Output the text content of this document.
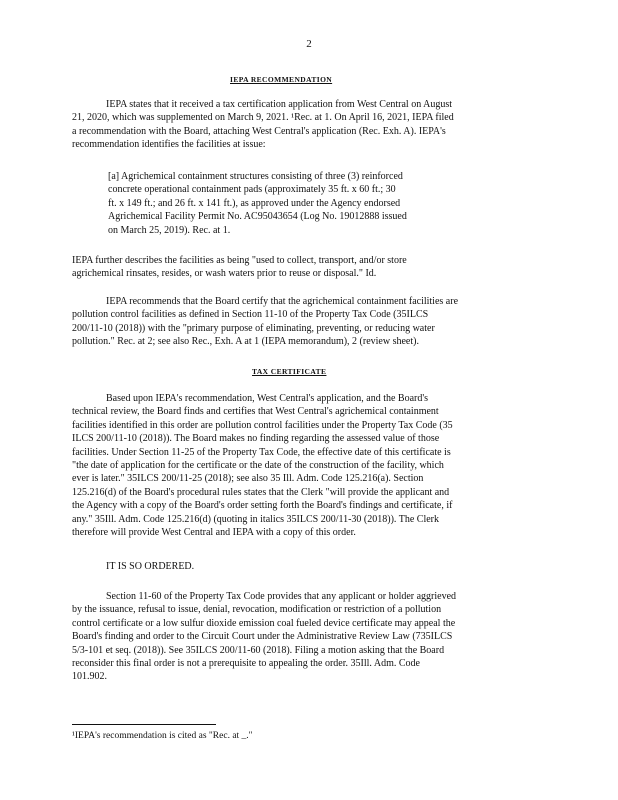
2
IEPA RECOMMENDATION
IEPA states that it received a tax certification application from West Central on August
21, 2020, which was supplemented on March 9, 2021. ¹Rec. at 1. On April 16, 2021, IEPA filed
a recommendation with the Board, attaching West Central's application (Rec. Exh. A). IEPA's
recommendation identifies the facilities at issue:
[a] Agrichemical containment structures consisting of three (3) reinforced
concrete operational containment pads (approximately 35 ft. x 60 ft.; 30
ft. x 149 ft.; and 26 ft. x 141 ft.), as approved under the Agency endorsed
Agrichemical Facility Permit No. AC95043654 (Log No. 19012888 issued
on March 25, 2019). Rec. at 1.
IEPA further describes the facilities as being "used to collect, transport, and/or store
agrichemical rinsates, resides, or wash waters prior to reuse or disposal." Id.
IEPA recommends that the Board certify that the agrichemical containment facilities are
pollution control facilities as defined in Section 11-10 of the Property Tax Code (35ILCS
200/11-10 (2018)) with the "primary purpose of eliminating, preventing, or reducing water
pollution." Rec. at 2; see also Rec., Exh. A at 1 (IEPA memorandum), 2 (review sheet).
TAX CERTIFICATE
Based upon IEPA's recommendation, West Central's application, and the Board's
technical review, the Board finds and certifies that West Central's agrichemical containment
facilities identified in this order are pollution control facilities under the Property Tax Code (35
ILCS 200/11-10 (2018)). The Board makes no finding regarding the assessed value of those
facilities. Under Section 11-25 of the Property Tax Code, the effective date of this certificate is
"the date of application for the certificate or the date of the construction of the facility, which
ever is later." 35ILCS 200/11-25 (2018); see also 35 Ill. Adm. Code 125.216(a). Section
125.216(d) of the Board's procedural rules states that the Clerk "will provide the applicant and
the Agency with a copy of the Board's order setting forth the Board's findings and certificate, if
any." 35Ill. Adm. Code 125.216(d) (quoting in italics 35ILCS 200/11-30 (2018)). The Clerk
therefore will provide West Central and IEPA with a copy of this order.
IT IS SO ORDERED.
Section 11-60 of the Property Tax Code provides that any applicant or holder aggrieved
by the issuance, refusal to issue, denial, revocation, modification or restriction of a pollution
control certificate or a low sulfur dioxide emission coal fueled device certificate may appeal the
Board's finding and order to the Circuit Court under the Administrative Review Law (735ILCS
5/3-101 et seq. (2018)). See 35ILCS 200/11-60 (2018). Filing a motion asking that the Board
reconsider this final order is not a prerequisite to appealing the order. 35Ill. Adm. Code
101.902.
¹IEPA's recommendation is cited as "Rec. at _."
